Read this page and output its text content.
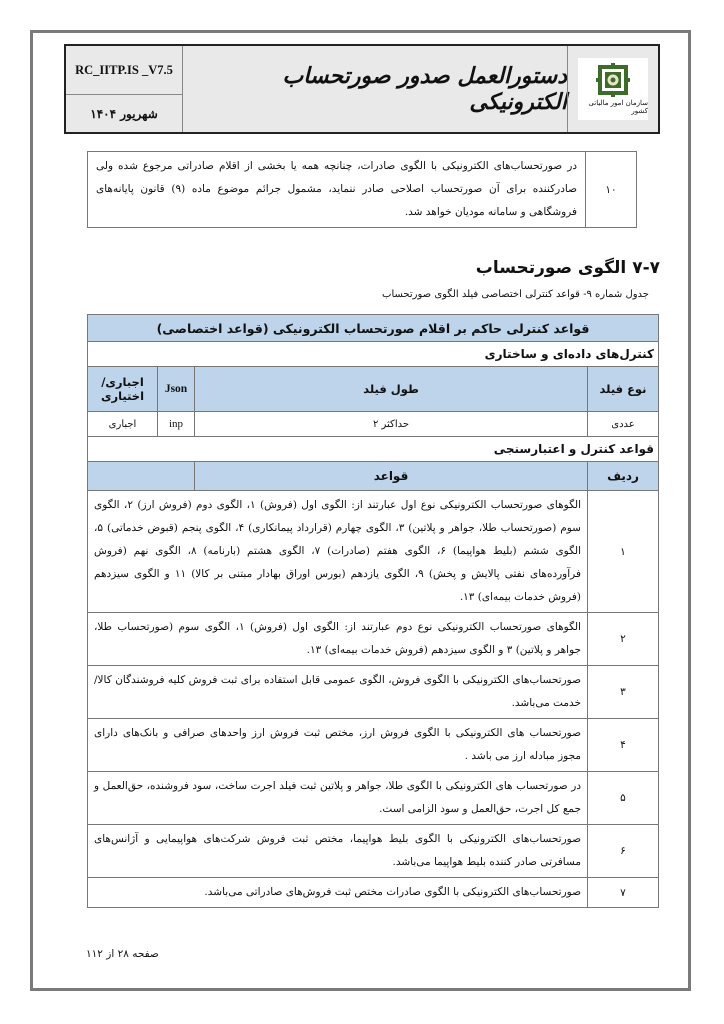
RC_IITP.IS _V7.5
شهریور ۱۴۰۴
دستورالعمل صدور صورتحساب الکترونیکی	سازمان امور مالیاتی کشور
۱۰	در صورتحساب‌های الکترونیکی با الگوی صادرات، چنانچه همه یا بخشی از اقلام صادراتی مرجوع شده ولی صادرکننده برای آن صورتحساب اصلاحی صادر ننماید، مشمول جرائم موضوع ماده (۹) قانون پایانه‌های فروشگاهی و سامانه مودیان خواهد شد.
۷-۷ الگوی صورتحساب
جدول شماره ۹- قواعد کنترلی اختصاصی فیلد الگوی صورتحساب
قواعد کنترلی حاکم بر اقلام صورتحساب الکترونیکی (قواعد اختصاصی)			
کنترل‌های داده‌ای و ساختاری			
نوع فیلد	طول فیلد	Json	اجباری/ اختیاری
عددی	حداکثر ۲	inp	اجباری
قواعد کنترل و اعتبارسنجی			
ردیف	قواعد		
۱	الگوهای صورتحساب الکترونیکی نوع اول عبارتند از: الگوی اول (فروش) ۱، الگوی دوم (فروش ارز) ۲، الگوی سوم (صورتحساب طلا، جواهر و پلاتین) ۳، الگوی چهارم (قرارداد پیمانکاری) ۴، الگوی پنجم (قبوض خدماتی) ۵، الگوی ششم (بلیط هواپیما) ۶، الگوی هفتم (صادرات) ۷، الگوی هشتم (بارنامه) ۸، الگوی نهم (فروش فرآورده‌های نفتی پالایش و پخش) ۹، الگوی یازدهم (بورس اوراق بهادار مبتنی بر کالا) ۱۱ و الگوی سیزدهم (فروش خدمات بیمه‌ای) ۱۳.		
۲	الگوهای صورتحساب الکترونیکی نوع دوم عبارتند از: الگوی اول (فروش) ۱، الگوی سوم (صورتحساب طلا، جواهر و پلاتین) ۳ و الگوی سیزدهم (فروش خدمات بیمه‌ای) ۱۳.		
۳	صورتحساب‌های الکترونیکی با الگوی فروش، الگوی عمومی قابل استفاده برای ثبت فروش کلیه فروشندگان کالا/خدمت می‌باشد.		
۴	صورتحساب های الکترونیکی با الگوی فروش ارز، مختص ثبت فروش ارز واحدهای صرافی و بانک‌های دارای مجوز مبادله ارز می باشد .		
۵	در صورتحساب های الکترونیکی با الگوی طلا، جواهر و پلاتین ثبت فیلد اجرت ساخت، سود فروشنده، حق‌العمل و جمع کل اجرت، حق‌العمل و سود الزامی است.		
۶	صورتحساب‌های الکترونیکی با الگوی بلیط هواپیما، مختص ثبت فروش شرکت‌های هواپیمایی و آژانس‌های مسافرتی صادر کننده بلیط هواپیما می‌باشد.		
۷	صورتحساب‌های الکترونیکی با الگوی صادرات مختص ثبت فروش‌های صادراتی می‌باشد.		
صفحه ۲۸ از ۱۱۲
